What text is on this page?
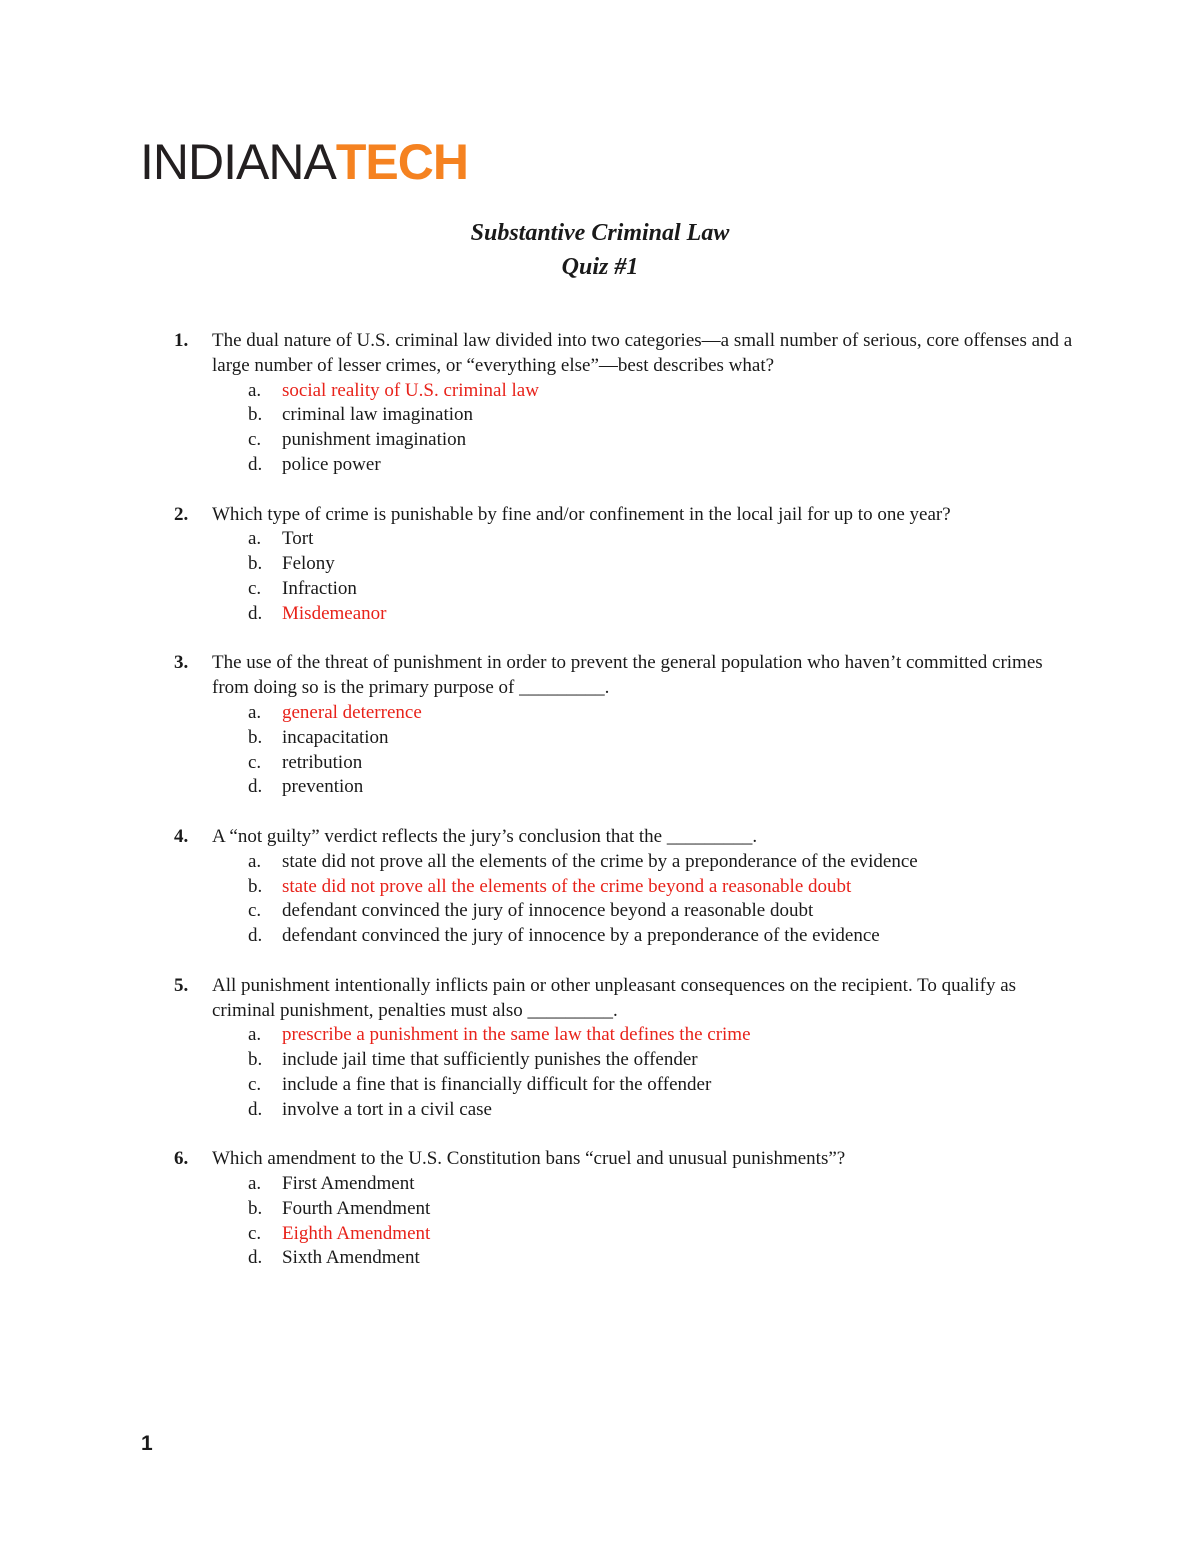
INDIANA TECH
Substantive Criminal Law
Quiz #1
1. The dual nature of U.S. criminal law divided into two categories—a small number of serious, core offenses and a large number of lesser crimes, or “everything else”—best describes what?
a. social reality of U.S. criminal law
b. criminal law imagination
c. punishment imagination
d. police power
2. Which type of crime is punishable by fine and/or confinement in the local jail for up to one year?
a. Tort
b. Felony
c. Infraction
d. Misdemeanor
3. The use of the threat of punishment in order to prevent the general population who haven’t committed crimes from doing so is the primary purpose of _________.
a. general deterrence
b. incapacitation
c. retribution
d. prevention
4. A “not guilty” verdict reflects the jury’s conclusion that the _________.
a. state did not prove all the elements of the crime by a preponderance of the evidence
b. state did not prove all the elements of the crime beyond a reasonable doubt
c. defendant convinced the jury of innocence beyond a reasonable doubt
d. defendant convinced the jury of innocence by a preponderance of the evidence
5. All punishment intentionally inflicts pain or other unpleasant consequences on the recipient. To qualify as criminal punishment, penalties must also _________.
a. prescribe a punishment in the same law that defines the crime
b. include jail time that sufficiently punishes the offender
c. include a fine that is financially difficult for the offender
d. involve a tort in a civil case
6. Which amendment to the U.S. Constitution bans “cruel and unusual punishments”?
a. First Amendment
b. Fourth Amendment
c. Eighth Amendment
d. Sixth Amendment
1
